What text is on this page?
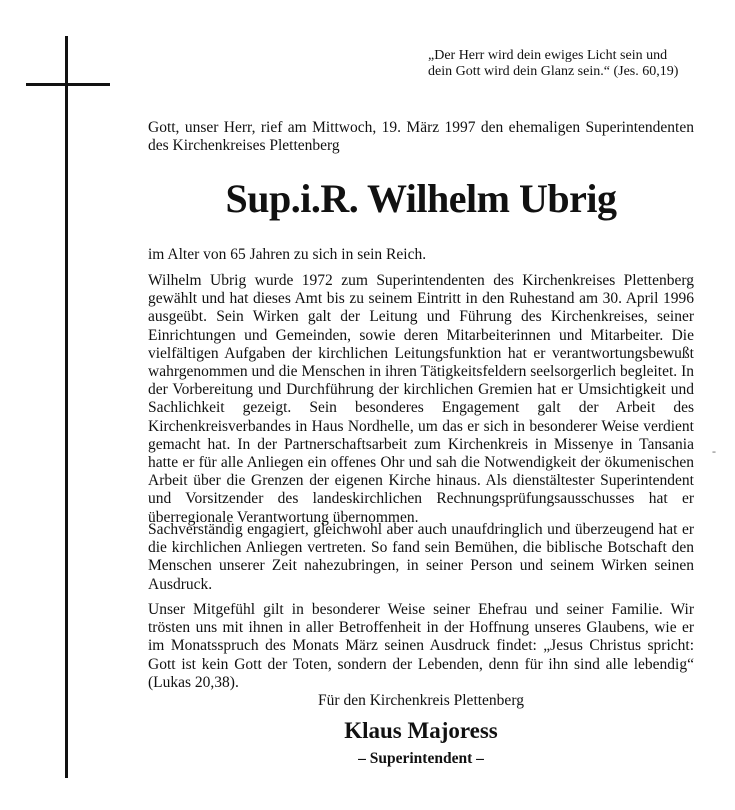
„Der Herr wird dein ewiges Licht sein und
dein Gott wird dein Glanz sein.“ (Jes. 60,19)
Gott, unser Herr, rief am Mittwoch, 19. März 1997 den ehemaligen Superintendenten des Kirchenkreises Plettenberg
Sup.i.R. Wilhelm Ubrig
im Alter von 65 Jahren zu sich in sein Reich.
Wilhelm Ubrig wurde 1972 zum Superintendenten des Kirchenkreises Plettenberg gewählt und hat dieses Amt bis zu seinem Eintritt in den Ruhestand am 30. April 1996 ausgeübt. Sein Wirken galt der Leitung und Führung des Kirchenkreises, seiner Einrichtungen und Gemeinden, sowie deren Mitarbeiterinnen und Mitarbeiter. Die vielfältigen Aufgaben der kirchlichen Leitungsfunktion hat er verantwortungsbewußt wahrgenommen und die Menschen in ihren Tätigkeitsfeldern seelsorgerlich begleitet. In der Vorbereitung und Durchführung der kirchlichen Gremien hat er Umsichtigkeit und Sachlichkeit gezeigt. Sein besonderes Engagement galt der Arbeit des Kirchenkreisverbandes in Haus Nordhelle, um das er sich in besonderer Weise verdient gemacht hat. In der Partnerschaftsarbeit zum Kirchenkreis in Missenye in Tansania hatte er für alle Anliegen ein offenes Ohr und sah die Notwendigkeit der ökumenischen Arbeit über die Grenzen der eigenen Kirche hinaus. Als dienstältester Superintendent und Vorsitzender des landeskirchlichen Rechnungsprüfungsausschusses hat er überregionale Verantwortung übernommen.
Sachverständig engagiert, gleichwohl aber auch unaufdringlich und überzeugend hat er die kirchlichen Anliegen vertreten. So fand sein Bemühen, die biblische Botschaft den Menschen unserer Zeit nahezubringen, in seiner Person und seinem Wirken seinen Ausdruck.
Unser Mitgefühl gilt in besonderer Weise seiner Ehefrau und seiner Familie. Wir trösten uns mit ihnen in aller Betroffenheit in der Hoffnung unseres Glaubens, wie er im Monatsspruch des Monats März seinen Ausdruck findet: „Jesus Christus spricht: Gott ist kein Gott der Toten, sondern der Lebenden, denn für ihn sind alle lebendig“ (Lukas 20,38).
Für den Kirchenkreis Plettenberg
Klaus Majoress
– Superintendent –
-
